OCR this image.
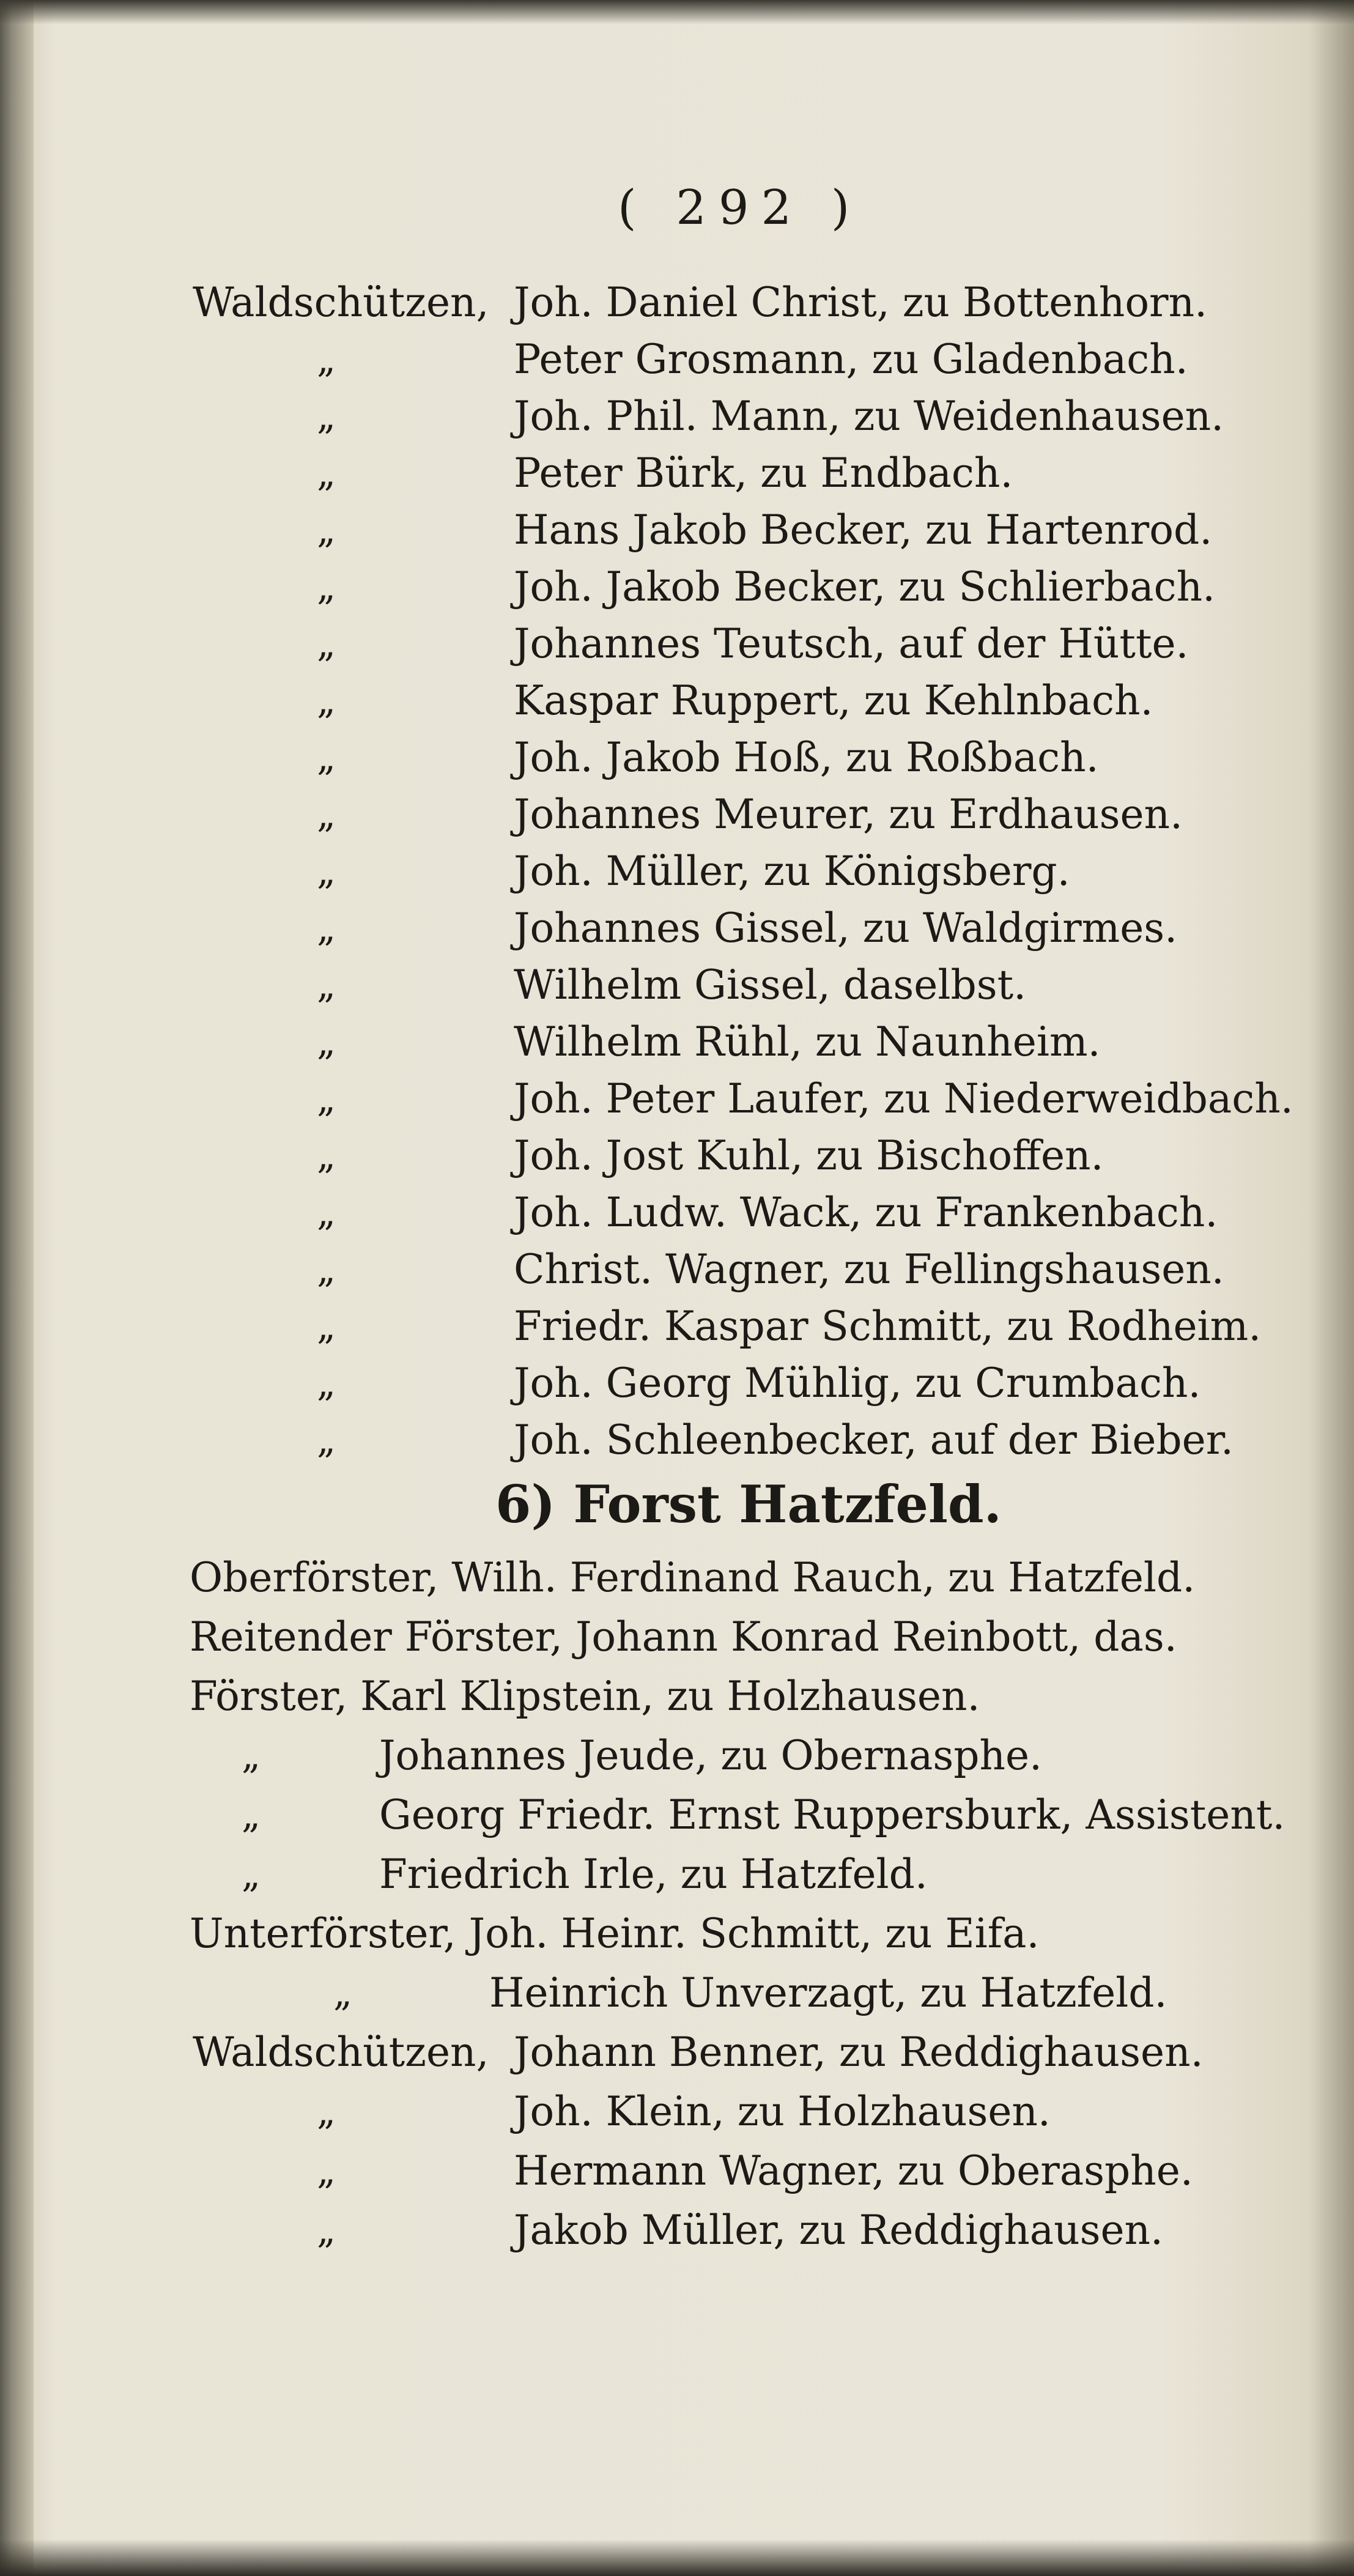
( 292 )
Waldschützen, Joh. Daniel Christ, zu Bottenhorn.
„	Peter Grosmann, zu Gladenbach.
„	Joh. Phil. Mann, zu Weidenhausen.
„	Peter Bürk, zu Endbach.
„	Hans Jakob Becker, zu Hartenrod.
„	Joh. Jakob Becker, zu Schlierbach.
„	Johannes Teutsch, auf der Hütte.
„	Kaspar Ruppert, zu Kehlnbach.
„	Joh. Jakob Hoß, zu Roßbach.
„	Johannes Meurer, zu Erdhausen.
„	Joh. Müller, zu Königsberg.
„	Johannes Gissel, zu Waldgirmes.
„	Wilhelm Gissel, daselbst.
„	Wilhelm Rühl, zu Naunheim.
„	Joh. Peter Laufer, zu Niederweidbach.
„	Joh. Jost Kuhl, zu Bischoffen.
„	Joh. Ludw. Wack, zu Frankenbach.
„	Christ. Wagner, zu Fellingshausen.
„	Friedr. Kaspar Schmitt, zu Rodheim.
„	Joh. Georg Mühlig, zu Crumbach.
„	Joh. Schleenbecker, auf der Bieber.
6) Forst Hatzfeld.
Oberförster, Wilh. Ferdinand Rauch, zu Hatzfeld.
Reitender Förster, Johann Konrad Reinbott, das.
Förster, Karl Klipstein, zu Holzhausen.
„	Johannes Jeude, zu Obernasphe.
„	Georg Friedr. Ernst Ruppersburk, Assistent.
„	Friedrich Irle, zu Hatzfeld.
Unterförster, Joh. Heinr. Schmitt, zu Eifa.
„	Heinrich Unverzagt, zu Hatzfeld.
Waldschützen, Johann Benner, zu Reddighausen.
„	Joh. Klein, zu Holzhausen.
„	Hermann Wagner, zu Oberasphe.
„	Jakob Müller, zu Reddighausen.
